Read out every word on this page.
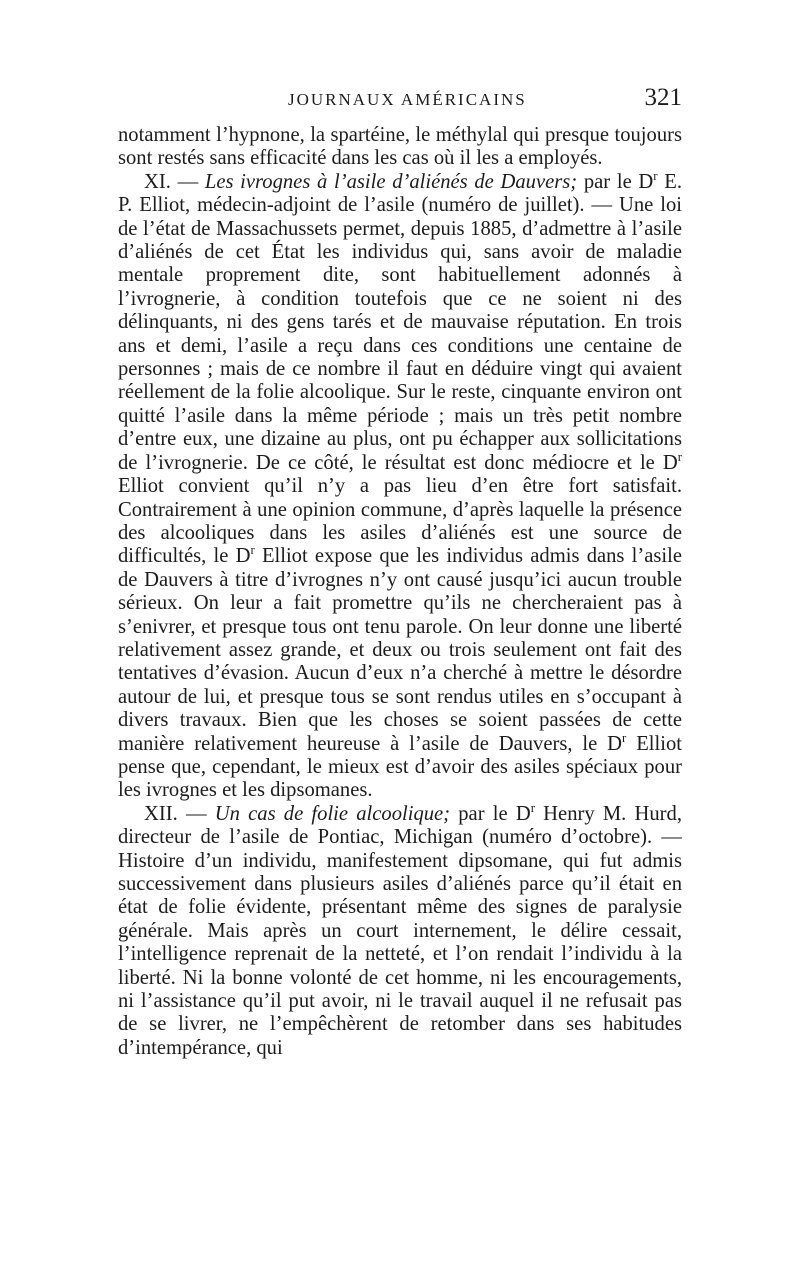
JOURNAUX AMÉRICAINS	321

notamment l’hypnone, la spartéine, le méthylal qui presque toujours sont restés sans efficacité dans les cas où il les a employés.

XI. — Les ivrognes à l’asile d’aliénés de Dauvers; par le $D^r$ E. P. Elliot, médecin-adjoint de l’asile (numéro de juillet). — Une loi de l’état de Massachussets permet, depuis 1885, d’admettre à l’asile d’aliénés de cet État les individus qui, sans avoir de maladie mentale proprement dite, sont habituellement adonnés à l’ivrognerie, à condition toutefois que ce ne soient ni des délinquants, ni des gens tarés et de mauvaise réputation. En trois ans et demi, l’asile a reçu dans ces conditions une centaine de personnes ; mais de ce nombre il faut en déduire vingt qui avaient réellement de la folie alcoolique. Sur le reste, cinquante environ ont quitté l’asile dans la même période ; mais un très petit nombre d’entre eux, une dizaine au plus, ont pu échapper aux sollicitations de l’ivrognerie. De ce côté, le résultat est donc médiocre et le $D^r$ Elliot convient qu’il n’y a pas lieu d’en être fort satisfait. Contrairement à une opinion commune, d’après laquelle la présence des alcooliques dans les asiles d’aliénés est une source de difficultés, le $D^r$ Elliot expose que les individus admis dans l’asile de Dauvers à titre d’ivrognes n’y ont causé jusqu’ici aucun trouble sérieux. On leur a fait promettre qu’ils ne chercheraient pas à s’enivrer, et presque tous ont tenu parole. On leur donne une liberté relativement assez grande, et deux ou trois seulement ont fait des tentatives d’évasion. Aucun d’eux n’a cherché à mettre le désordre autour de lui, et presque tous se sont rendus utiles en s’occupant à divers travaux. Bien que les choses se soient passées de cette manière relativement heureuse à l’asile de Dauvers, le $D^r$ Elliot pense que, cependant, le mieux est d’avoir des asiles spéciaux pour les ivrognes et les dipsomanes.

XII. — Un cas de folie alcoolique; par le $D^r$ Henry M. Hurd, directeur de l’asile de Pontiac, Michigan (numéro d’octobre). — Histoire d’un individu, manifestement dipsomane, qui fut admis successivement dans plusieurs asiles d’aliénés parce qu’il était en état de folie évidente, présentant même des signes de paralysie générale. Mais après un court internement, le délire cessait, l’intelligence reprenait de la netteté, et l’on rendait l’individu à la liberté. Ni la bonne volonté de cet homme, ni les encouragements, ni l’assistance qu’il put avoir, ni le travail auquel il ne refusait pas de se livrer, ne l’empêchèrent de retomber dans ses habitudes d’intempérance, qui
